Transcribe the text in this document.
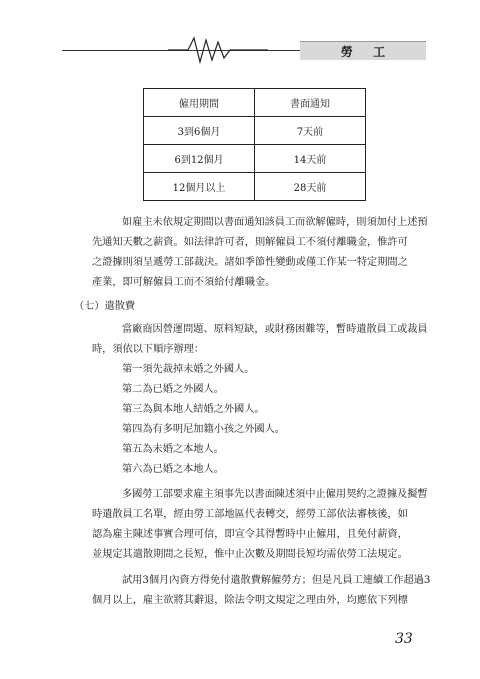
勞 工
僱用期間	書面通知
3到6個月	7天前
6到12個月	14天前
12個月以上	28天前
如雇主未依規定期間以書面通知該員工而欲解僱時，則須加付上述預
先通知天數之薪資。如法律許可者，則解僱員工不須付離職金，惟許可
之證據則須呈遞勞工部裁決。諸如季節性變動或僅工作某一特定期間之
產業，即可解僱員工而不須給付離職金。
（七）遣散費
當廠商因營運問題、原料短缺，或財務困難等，暫時遣散員工或裁員
時，須依以下順序辦理：
第一須先裁掉未婚之外國人。
第二為已婚之外國人。
第三為與本地人結婚之外國人。
第四為有多明尼加籍小孩之外國人。
第五為未婚之本地人。
第六為已婚之本地人。
多國勞工部要求雇主須事先以書面陳述須中止僱用契約之證據及擬暫
時遣散員工名單，經由勞工部地區代表轉交，經勞工部依法審核後，如
認為雇主陳述事實合理可信，即宣令其得暫時中止僱用，且免付薪資，
並規定其遣散期間之長短，惟中止次數及期間長短均需依勞工法規定。
試用3個月內資方得免付遣散費解僱勞方；但是凡員工連續工作超過3
個月以上，雇主欲將其辭退，除法令明文規定之理由外，均應依下列標
33
